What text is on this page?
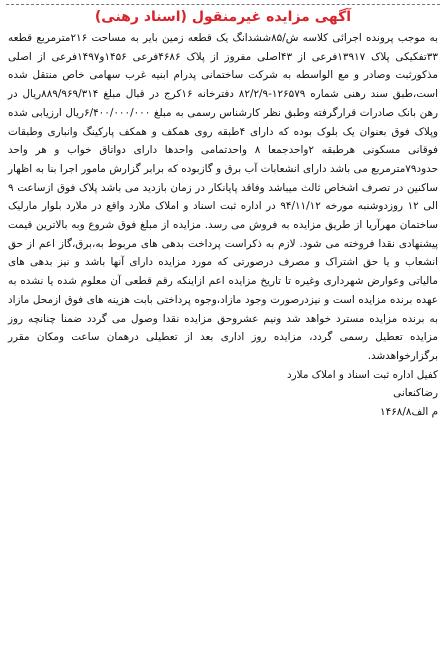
آگهی مزایده غیرمنقول (اسناد رهنی)

به موجب پرونده اجرائی کلاسه ش/۸۵ششدانگ یک قطعه زمین بایر به مساحت ۲۱۶مترمربع قطعه ۳۳تفکیکی پلاک ۱۳۹۱۷فرعی از ۴۳اصلی مفروز از پلاک ۴۶۸۶فرعی ۱۴۵۶و۱۴۹۷فرعی از اصلی مذکورثبت وصادر و مع الواسطه به شرکت ساختمانی پدرام ابنیه غرب سهامی خاص منتقل شده است،طبق سند رهنی شماره ۱۲۶۵۷۹-۸۲/۲/۹ دفترخانه ۱۶کرج در قبال مبلغ ۸۸۹/۹۶۹/۳۱۴ریال در رهن بانک صادرات قرارگرفته وطبق نظر کارشناس رسمی به مبلغ ۶/۴۰۰/۰۰۰/۰۰۰ریال ارزیابی شده وپلاک فوق بعنوان یک بلوک بوده که دارای ۴طبقه روی همکف و همکف پارکینگ وانباری وطبقات فوقانی مسکونی هرطبقه ۲واحدجمعا ۸ واحدتمامی واحدها دارای دواتاق خواب و هر واحد حدود۷۹مترمربع می باشد دارای انشعابات آب برق و گازبوده که برابر گزارش مامور اجرا بنا به اظهار ساکنین در تصرف اشخاص ثالث میباشد وفاقد پایانکار در زمان بازدید می باشد پلاک فوق ازساعت ۹ الی ۱۲ روزدوشنبه مورخه ۹۴/۱۱/۱۲ در اداره ثبت اسناد و املاک ملارد واقع در ملارد بلوار مارلیک ساختمان مهرآریا از طریق مزایده به فروش می رسد. مزایده از مبلغ فوق شروع وبه بالاترین قیمت پیشنهادی نقدا فروخته می شود. لازم به ذکراست پرداخت بدهی های مربوط به،برق،گاز اعم از حق انشعاب و یا حق اشتراک و مصرف درصورتی که مورد مزایده دارای آنها باشد و نیز بدهی های مالیاتی وعوارض شهرداری وغیره تا تاریخ مزایده اعم ازاینکه رقم قطعی آن معلوم شده یا نشده به عهده برنده مزایده است و نیزدرصورت وجود مازاد،وجوه پرداختی بابت هزینه های فوق ازمحل مازاد به برنده مزایده مسترد خواهد شد ونیم عشروحق مزایده نقدا وصول می گردد ضمنا چنانچه روز مزایده تعطیل رسمی گردد، مزایده روز اداری بعد از تعطیلی درهمان ساعت ومکان مقرر برگزارخواهدشد.

کفیل اداره ثبت اسناد و املاک ملارد
رضاکنعانی
م الف۱۴۶۸/۸
